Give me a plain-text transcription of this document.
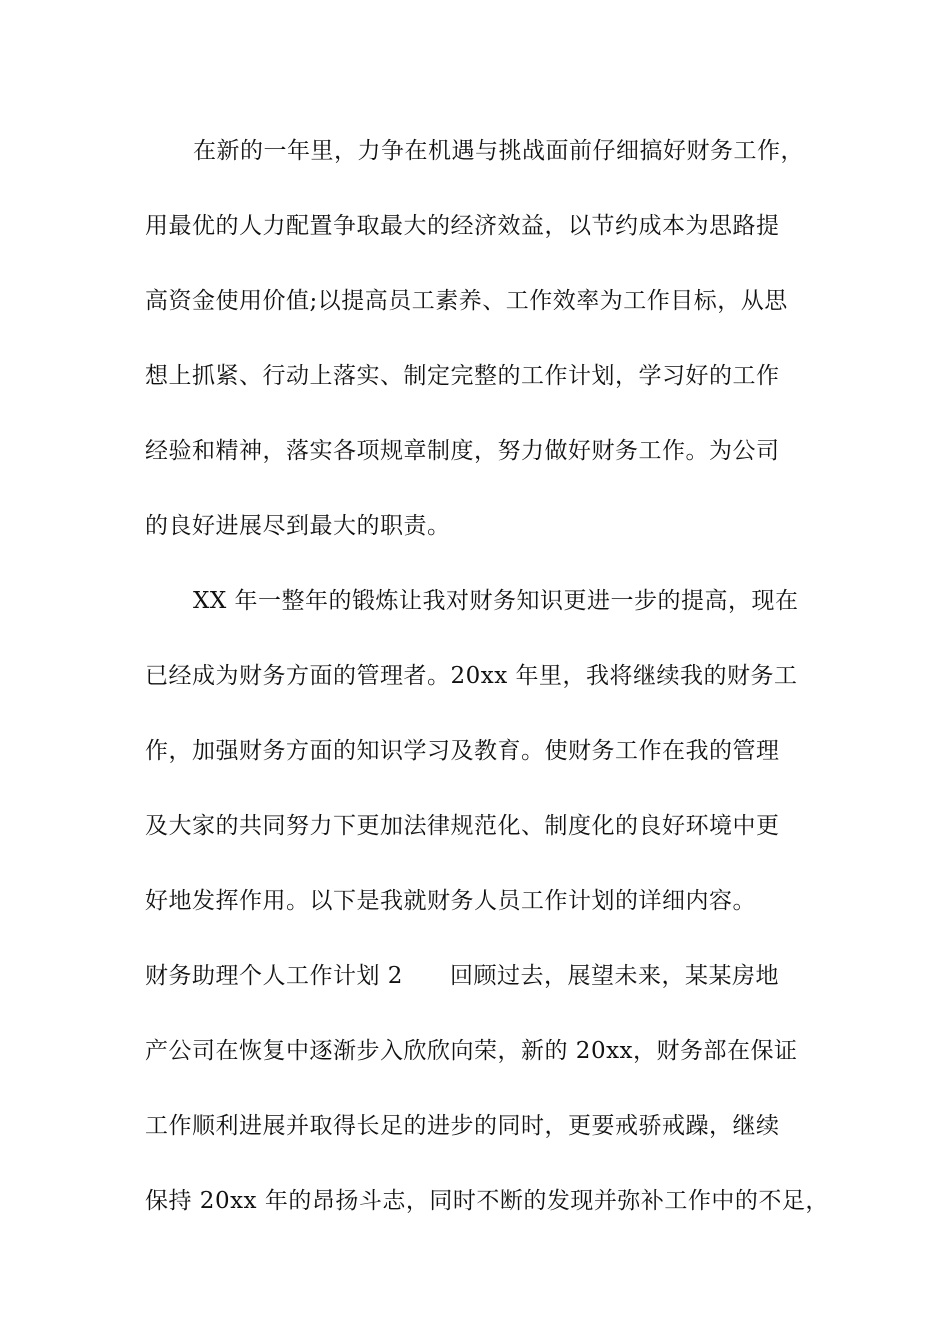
在新的一年里，力争在机遇与挑战面前仔细搞好财务工作，
用最优的人力配置争取最大的经济效益，以节约成本为思路提
高资金使用价值;以提高员工素养、工作效率为工作目标，从思
想上抓紧、行动上落实、制定完整的工作计划，学习好的工作
经验和精神，落实各项规章制度，努力做好财务工作。为公司
的良好进展尽到最大的职责。
XX 年一整年的锻炼让我对财务知识更进一步的提高，现在
已经成为财务方面的管理者。20xx 年里，我将继续我的财务工
作，加强财务方面的知识学习及教育。使财务工作在我的管理
及大家的共同努力下更加法律规范化、制度化的良好环境中更
好地发挥作用。以下是我就财务人员工作计划的详细内容。
财务助理个人工作计划 2　　回顾过去，展望未来，某某房地
产公司在恢复中逐渐步入欣欣向荣，新的 20xx，财务部在保证
工作顺利进展并取得长足的进步的同时，更要戒骄戒躁，继续
保持 20xx 年的昂扬斗志，同时不断的发现并弥补工作中的不足，
